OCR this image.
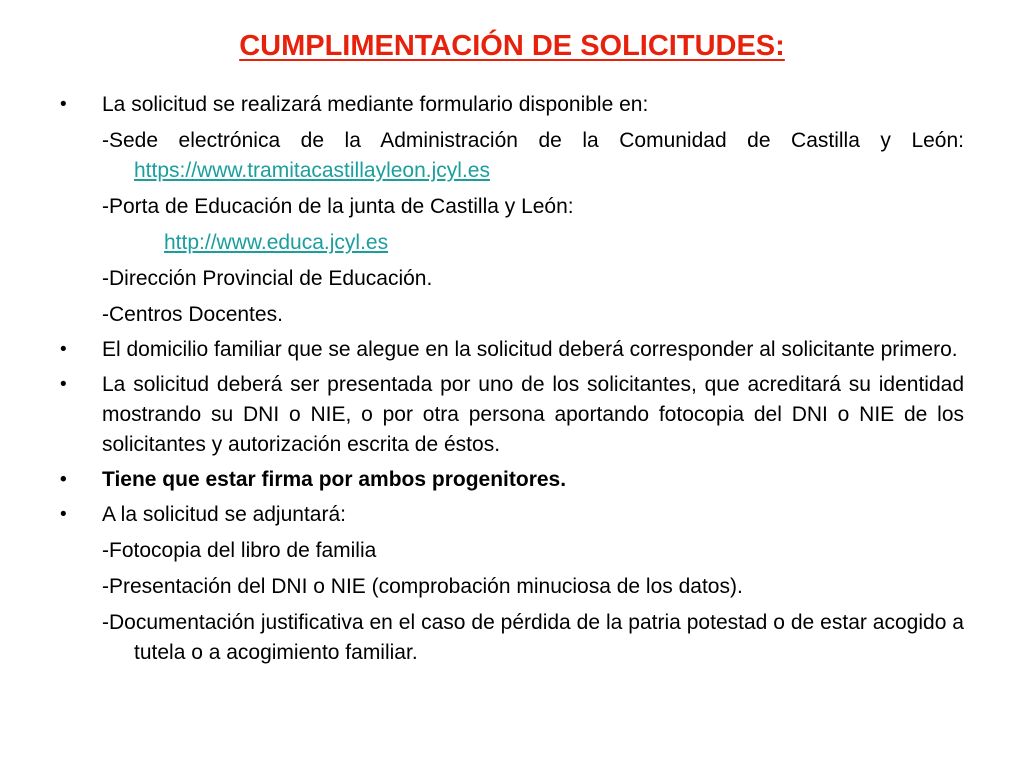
CUMPLIMENTACIÓN DE SOLICITUDES:
• La solicitud se realizará mediante formulario disponible en:
-Sede electrónica de la Administración de la Comunidad de Castilla y León: https://www.tramitacastillayleon.jcyl.es
-Porta de Educación de la junta de Castilla y León:
http://www.educa.jcyl.es
-Dirección Provincial de Educación.
-Centros Docentes.
• El domicilio familiar que se alegue en la solicitud deberá corresponder al solicitante primero.
• La solicitud deberá ser presentada por uno de los solicitantes, que acreditará su identidad mostrando su DNI o NIE, o por otra persona aportando fotocopia del DNI o NIE de los solicitantes y autorización escrita de éstos.
• Tiene que estar firma por ambos progenitores.
• A la solicitud se adjuntará:
-Fotocopia del libro de familia
-Presentación del DNI o NIE (comprobación minuciosa de los datos).
-Documentación justificativa en el caso de pérdida de la patria potestad o de estar acogido a tutela o a acogimiento familiar.
